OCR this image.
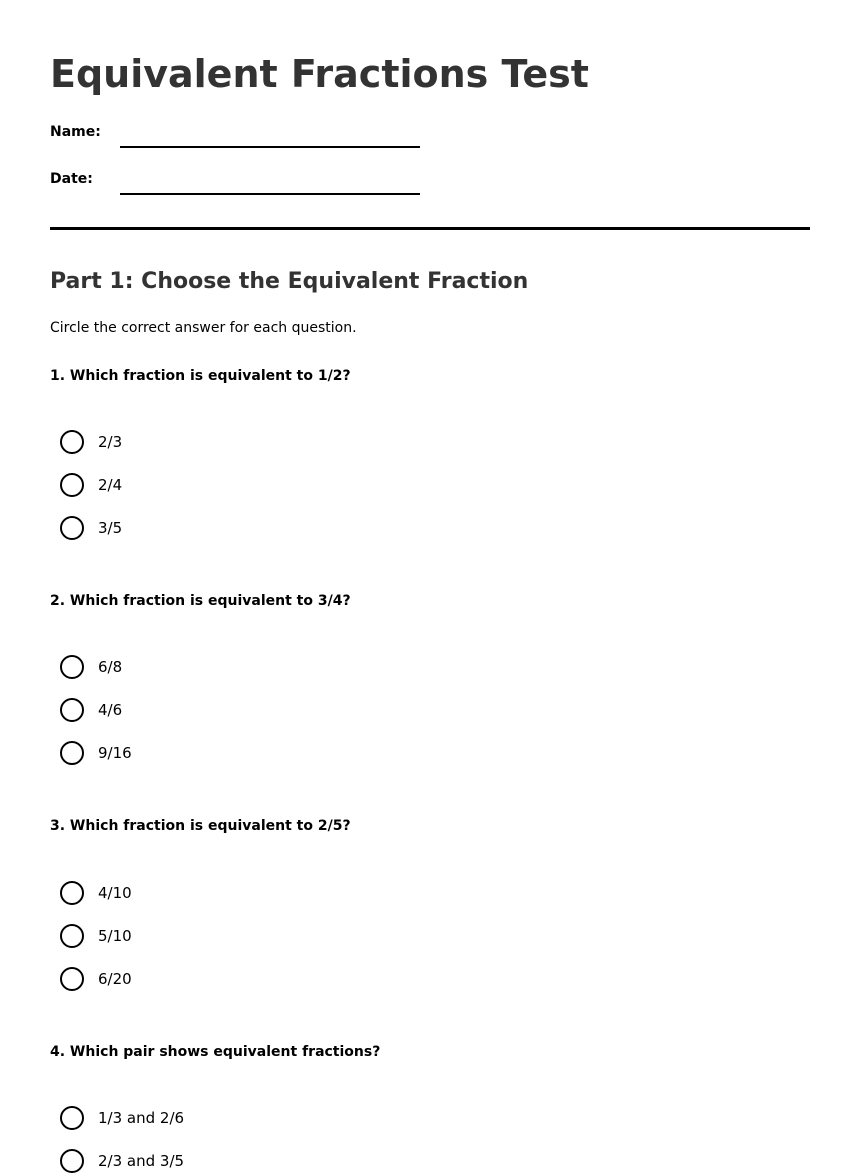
Equivalent Fractions Test
Name:
Date:
Part 1: Choose the Equivalent Fraction
Circle the correct answer for each question.
1. Which fraction is equivalent to 1/2?
2/3
2/4
3/5
2. Which fraction is equivalent to 3/4?
6/8
4/6
9/16
3. Which fraction is equivalent to 2/5?
4/10
5/10
6/20
4. Which pair shows equivalent fractions?
1/3 and 2/6
2/3 and 3/5
